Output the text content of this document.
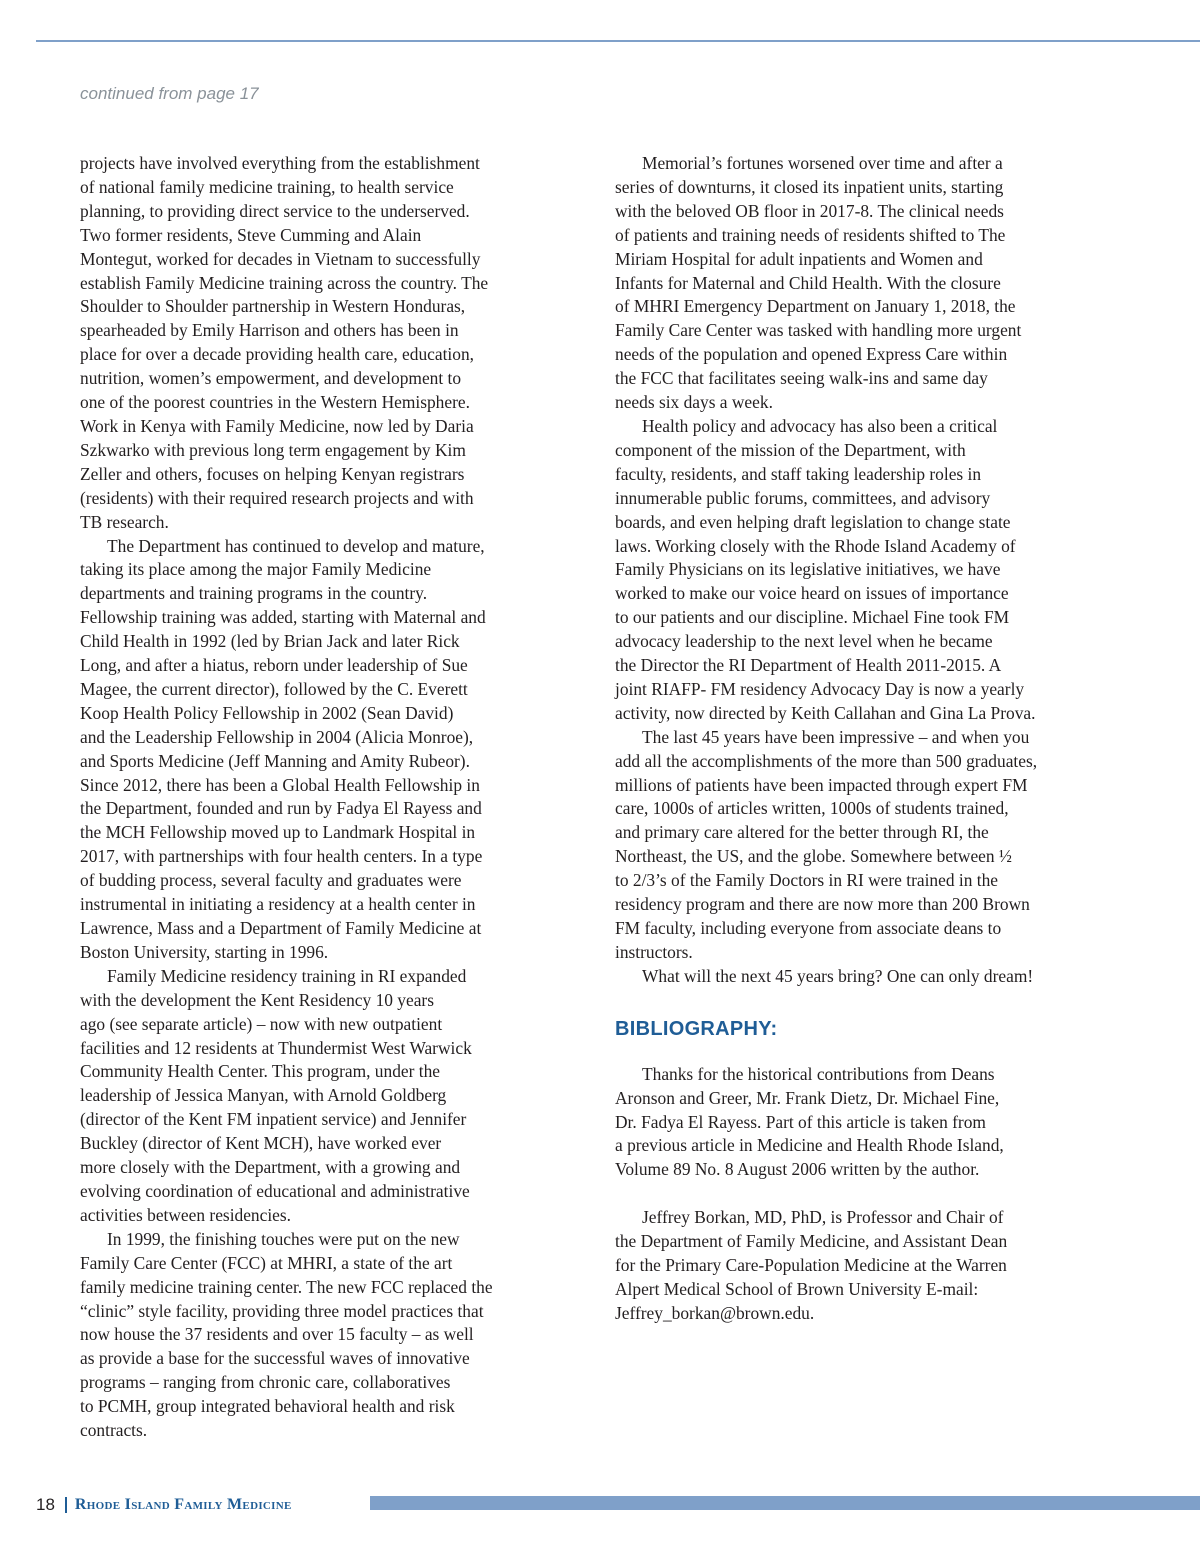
continued from page 17

projects have involved everything from the establishment
of national family medicine training, to health service
planning, to providing direct service to the underserved.
Two former residents, Steve Cumming and Alain
Montegut, worked for decades in Vietnam to successfully
establish Family Medicine training across the country. The
Shoulder to Shoulder partnership in Western Honduras,
spearheaded by Emily Harrison and others has been in
place for over a decade providing health care, education,
nutrition, women’s empowerment, and development to
one of the poorest countries in the Western Hemisphere.
Work in Kenya with Family Medicine, now led by Daria
Szkwarko with previous long term engagement by Kim
Zeller and others, focuses on helping Kenyan registrars
(residents) with their required research projects and with
TB research.

The Department has continued to develop and mature,
taking its place among the major Family Medicine
departments and training programs in the country.
Fellowship training was added, starting with Maternal and
Child Health in 1992 (led by Brian Jack and later Rick
Long, and after a hiatus, reborn under leadership of Sue
Magee, the current director), followed by the C. Everett
Koop Health Policy Fellowship in 2002 (Sean David)
and the Leadership Fellowship in 2004 (Alicia Monroe),
and Sports Medicine (Jeff Manning and Amity Rubeor).
Since 2012, there has been a Global Health Fellowship in
the Department, founded and run by Fadya El Rayess and
the MCH Fellowship moved up to Landmark Hospital in
2017, with partnerships with four health centers. In a type
of budding process, several faculty and graduates were
instrumental in initiating a residency at a health center in
Lawrence, Mass and a Department of Family Medicine at
Boston University, starting in 1996.

Family Medicine residency training in RI expanded
with the development the Kent Residency 10 years
ago (see separate article) – now with new outpatient
facilities and 12 residents at Thundermist West Warwick
Community Health Center. This program, under the
leadership of Jessica Manyan, with Arnold Goldberg
(director of the Kent FM inpatient service) and Jennifer
Buckley (director of Kent MCH), have worked ever
more closely with the Department, with a growing and
evolving coordination of educational and administrative
activities between residencies.

In 1999, the finishing touches were put on the new
Family Care Center (FCC) at MHRI, a state of the art
family medicine training center. The new FCC replaced the
“clinic” style facility, providing three model practices that
now house the 37 residents and over 15 faculty – as well
as provide a base for the successful waves of innovative
programs – ranging from chronic care, collaboratives
to PCMH, group integrated behavioral health and risk
contracts.

Memorial’s fortunes worsened over time and after a
series of downturns, it closed its inpatient units, starting
with the beloved OB floor in 2017-8. The clinical needs
of patients and training needs of residents shifted to The
Miriam Hospital for adult inpatients and Women and
Infants for Maternal and Child Health. With the closure
of MHRI Emergency Department on January 1, 2018, the
Family Care Center was tasked with handling more urgent
needs of the population and opened Express Care within
the FCC that facilitates seeing walk-ins and same day
needs six days a week.

Health policy and advocacy has also been a critical
component of the mission of the Department, with
faculty, residents, and staff taking leadership roles in
innumerable public forums, committees, and advisory
boards, and even helping draft legislation to change state
laws. Working closely with the Rhode Island Academy of
Family Physicians on its legislative initiatives, we have
worked to make our voice heard on issues of importance
to our patients and our discipline. Michael Fine took FM
advocacy leadership to the next level when he became
the Director the RI Department of Health 2011-2015. A
joint RIAFP- FM residency Advocacy Day is now a yearly
activity, now directed by Keith Callahan and Gina La Prova.

The last 45 years have been impressive – and when you
add all the accomplishments of the more than 500 graduates,
millions of patients have been impacted through expert FM
care, 1000s of articles written, 1000s of students trained,
and primary care altered for the better through RI, the
Northeast, the US, and the globe. Somewhere between ½
to 2/3’s of the Family Doctors in RI were trained in the
residency program and there are now more than 200 Brown
FM faculty, including everyone from associate deans to
instructors.

What will the next 45 years bring? One can only dream!

BIBLIOGRAPHY:

Thanks for the historical contributions from Deans
Aronson and Greer, Mr. Frank Dietz, Dr. Michael Fine,
Dr. Fadya El Rayess. Part of this article is taken from
a previous article in Medicine and Health Rhode Island,
Volume 89 No. 8 August 2006 written by the author.

Jeffrey Borkan, MD, PhD, is Professor and Chair of
the Department of Family Medicine, and Assistant Dean
for the Primary Care-Population Medicine at the Warren
Alpert Medical School of Brown University E-mail:
Jeffrey_borkan@brown.edu.

18 Rhode Island Family Medicine
